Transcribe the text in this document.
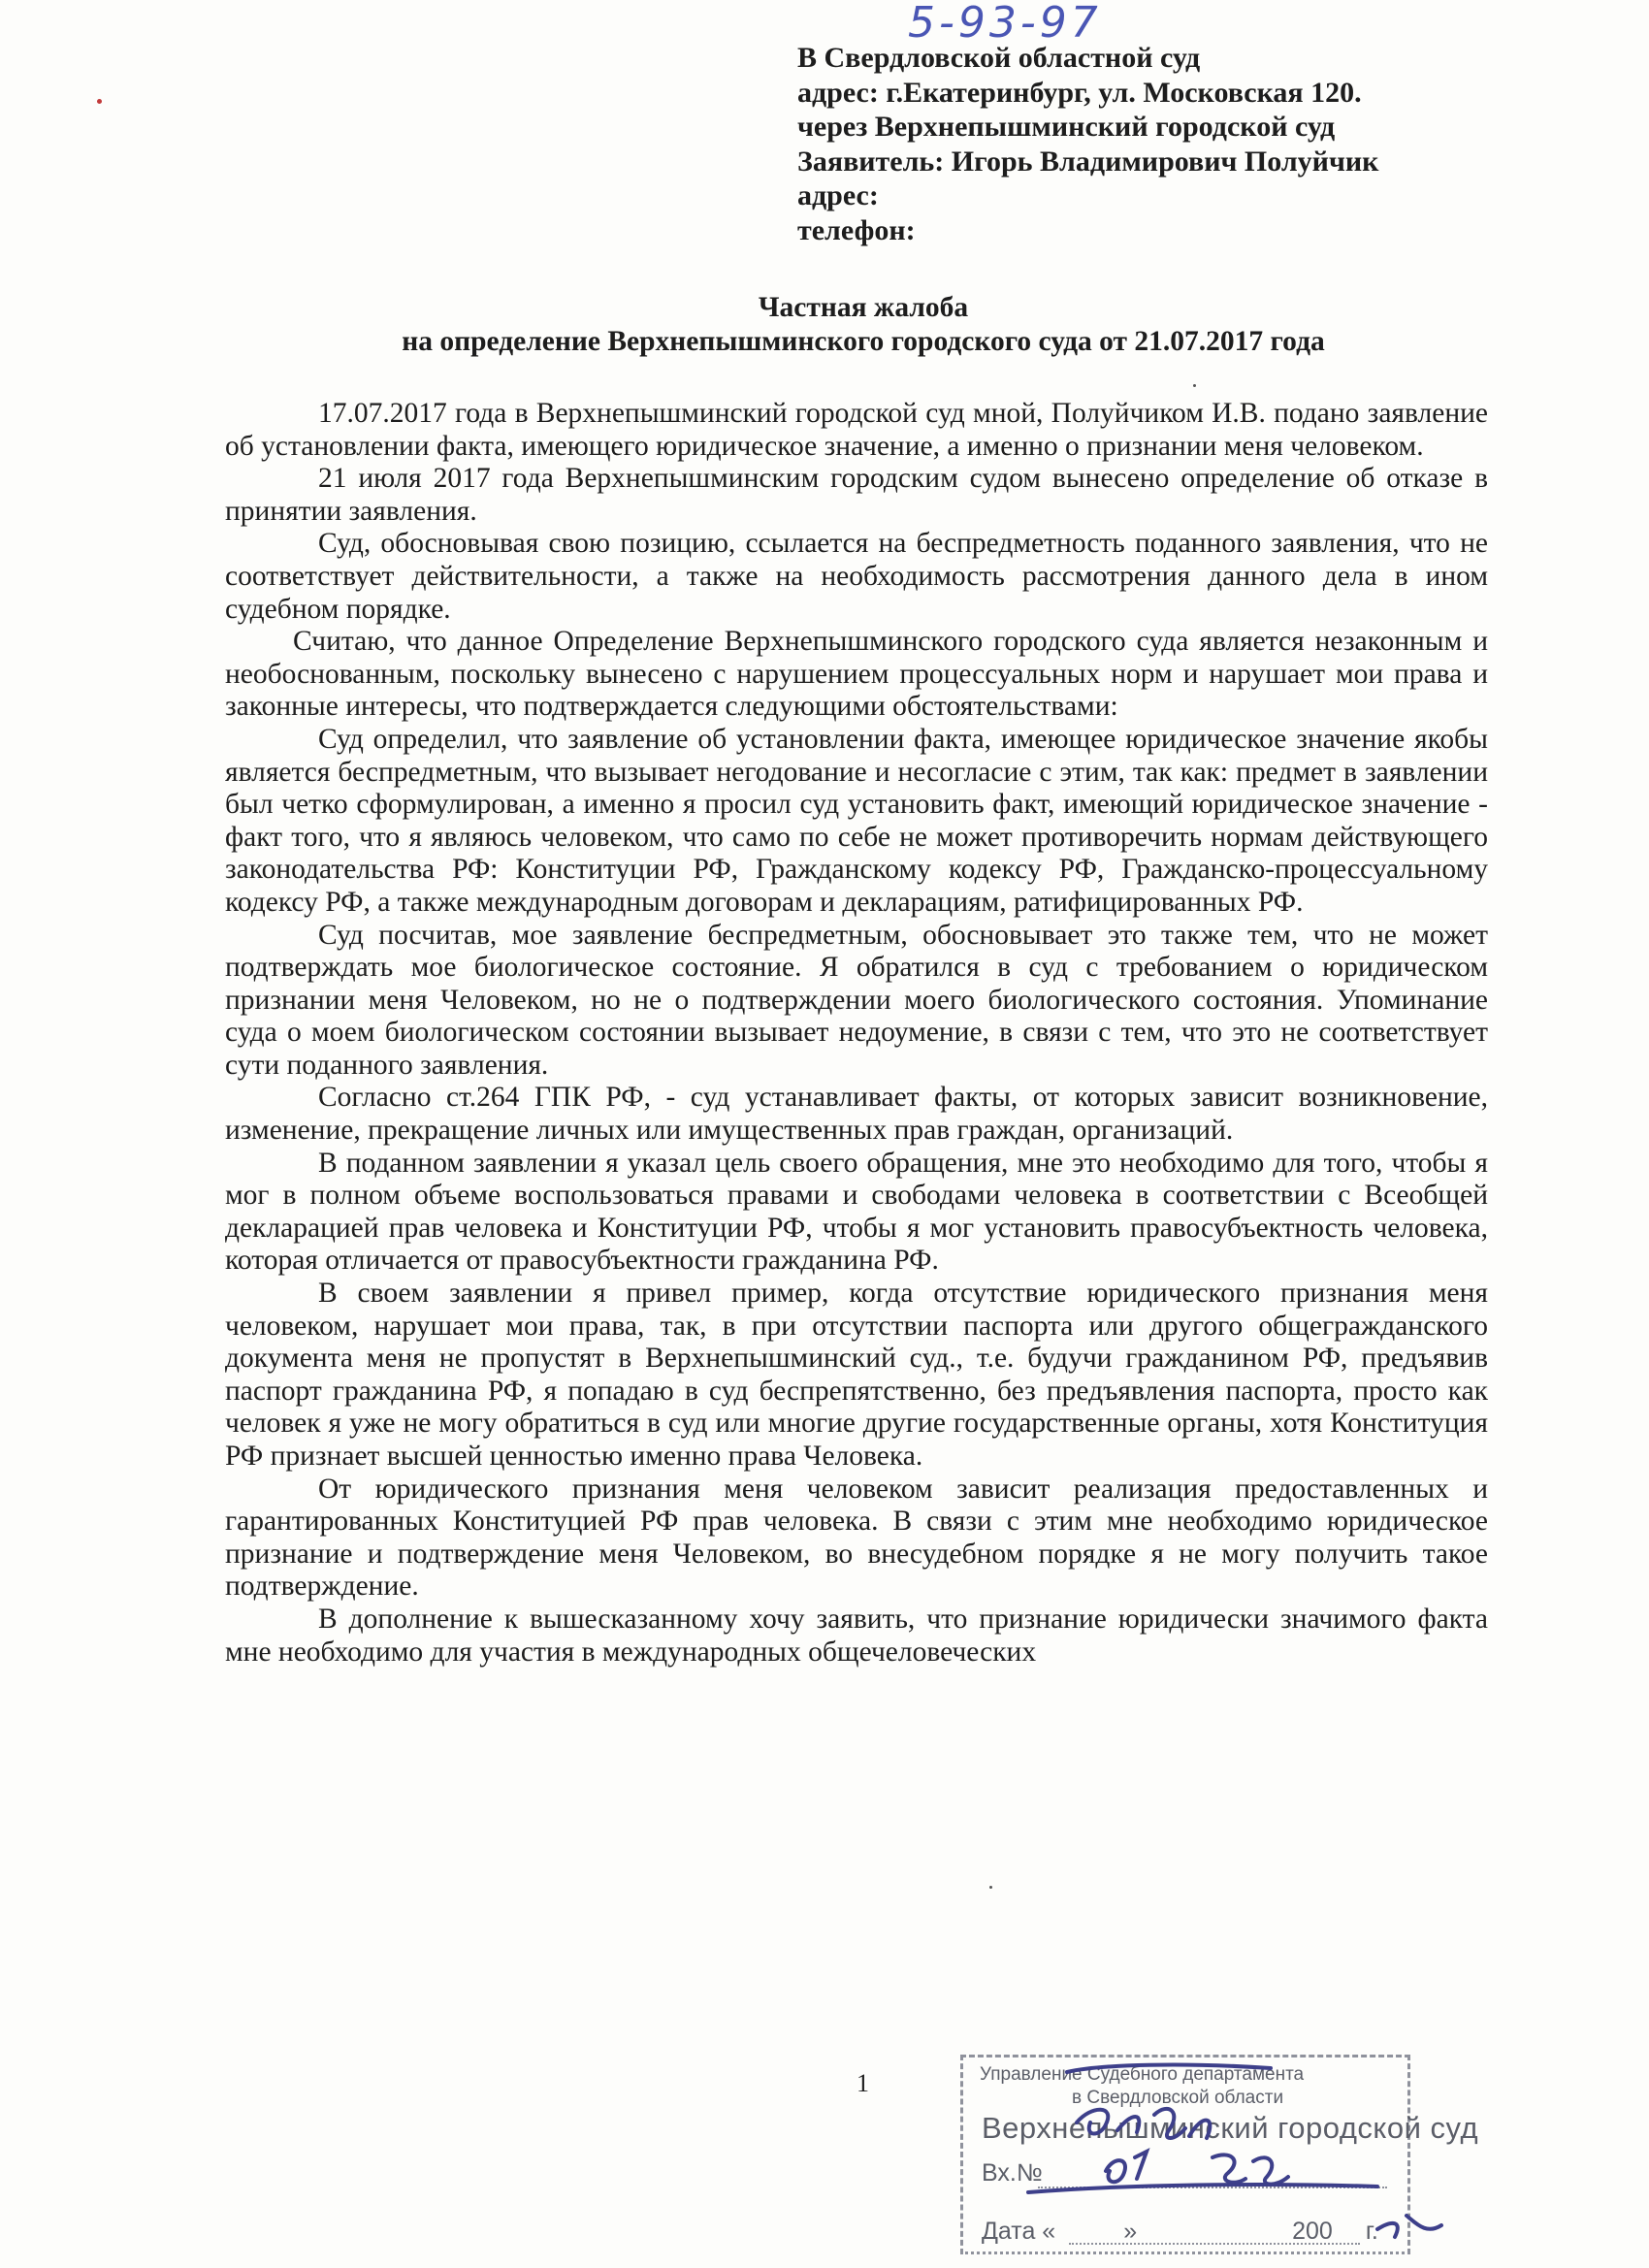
5-93-97
В Свердловской областной суд
адрес: г.Екатеринбург, ул. Московская 120.
через Верхнепышминский городской суд
Заявитель: Игорь Владимирович Полуйчик
адрес:
телефон:
Частная жалоба
на определение Верхнепышминского городского суда от 21.07.2017 года

17.07.2017 года в Верхнепышминский городской суд мной, Полуйчиком И.В. подано заявление об установлении факта, имеющего юридическое значение, а именно о признании меня человеком.

21 июля 2017 года Верхнепышминским городским судом вынесено определение об отказе в принятии заявления.

Суд, обосновывая свою позицию, ссылается на беспредметность поданного заявления, что не соответствует действительности, а также на необходимость рассмотрения данного дела в ином судебном порядке.

Считаю, что данное Определение Верхнепышминского городского суда является незаконным и необоснованным, поскольку вынесено с нарушением процессуальных норм и нарушает мои права и законные интересы, что подтверждается следующими обстоятельствами:

Суд определил, что заявление об установлении факта, имеющее юридическое значение якобы является беспредметным, что вызывает негодование и несогласие с этим, так как: предмет в заявлении был четко сформулирован, а именно я просил суд установить факт, имеющий юридическое значение - факт того, что я являюсь человеком, что само по себе не может противоречить нормам действующего законодательства РФ: Конституции РФ, Гражданскому кодексу РФ, Гражданско-процессуальному кодексу РФ, а также международным договорам и декларациям, ратифицированных РФ.

Суд посчитав, мое заявление беспредметным, обосновывает это также тем, что не может подтверждать мое биологическое состояние. Я обратился в суд с требованием о юридическом признании меня Человеком, но не о подтверждении моего биологического состояния. Упоминание суда о моем биологическом состоянии вызывает недоумение, в связи с тем, что это не соответствует сути поданного заявления.

Согласно ст.264 ГПК РФ, - суд устанавливает факты, от которых зависит возникновение, изменение, прекращение личных или имущественных прав граждан, организаций.

В поданном заявлении я указал цель своего обращения, мне это необходимо для того, чтобы я мог в полном объеме воспользоваться правами и свободами человека в соответствии с Всеобщей декларацией прав человека и Конституции РФ, чтобы я мог установить правосубъектность человека, которая отличается от правосубъектности гражданина РФ.

В своем заявлении я привел пример, когда отсутствие юридического признания меня человеком, нарушает мои права, так, в при отсутствии паспорта или другого общегражданского документа меня не пропустят в Верхнепышминский суд., т.е. будучи гражданином РФ, предъявив паспорт гражданина РФ, я попадаю в суд беспрепятственно, без предъявления паспорта, просто как человек я уже не могу обратиться в суд или многие другие государственные органы, хотя Конституция РФ признает высшей ценностью именно права Человека.

От юридического признания меня человеком зависит реализация предоставленных и гарантированных Конституцией РФ прав человека. В связи с этим мне необходимо юридическое признание и подтверждение меня Человеком, во внесудебном порядке я не могу получить такое подтверждение.

В дополнение к вышесказанному хочу заявить, что признание юридически значимого факта мне необходимо для участия в международных общечеловеческих

1	Управление Судебного департамента
в Свердловской области
Верхнепышминский городской суд
Вх.№
Дата «	»	200 г.
